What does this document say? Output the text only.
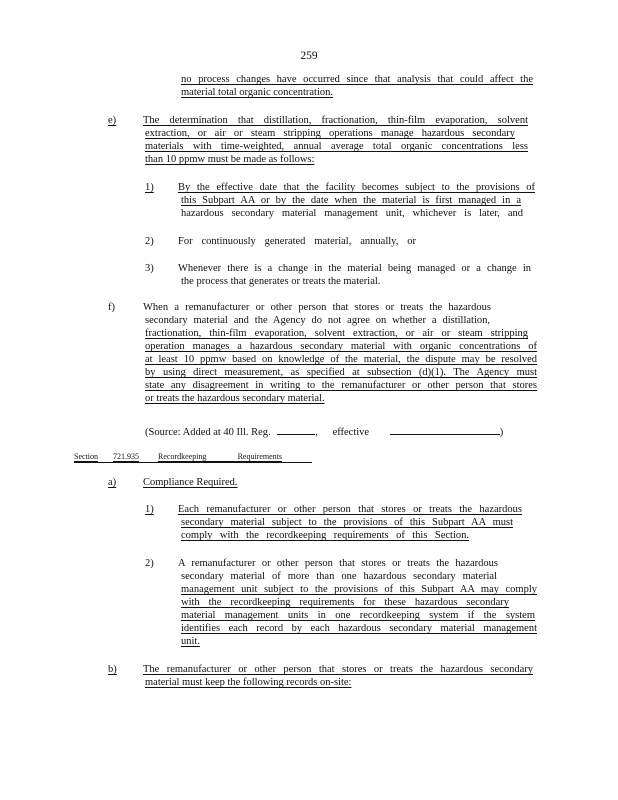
259
no process changes have occurred since that analysis that could affect the
material total organic concentration.
e)	The determination that distillation, fractionation, thin-film evaporation, solvent
extraction, or air or steam stripping operations manage hazardous secondary
materials with time-weighted, annual average total organic concentrations less
than 10 ppmw must be made as follows:
1) By the effective date that the facility becomes subject to the provisions of
this Subpart AA or by the date when the material is first managed in a
hazardous secondary material management unit, whichever is later, and
2) For continuously generated material, annually, or
3) Whenever there is a change in the material being managed or a change in
the process that generates or treats the material.
f)	When a remanufacturer or other person that stores or treats the hazardous
secondary material and the Agency do not agree on whether a distillation,
fractionation, thin-film evaporation, solvent extraction, or air or steam stripping
operation manages a hazardous secondary material with organic concentrations of
at least 10 ppmw based on knowledge of the material, the dispute may be resolved
by using direct measurement, as specified at subsection (d)(1). The Agency must
state any disagreement in writing to the remanufacturer or other person that stores
or treats the hazardous secondary material.
(Source: Added at 40 Ill. Reg.	, effective	)
Section 721.935 Recordkeeping Requirements
a)	Compliance Required.
1) Each remanufacturer or other person that stores or treats the hazardous
secondary material subject to the provisions of this Subpart AA must
comply with the recordkeeping requirements of this Section.
2) A remanufacturer or other person that stores or treats the hazardous
secondary material of more than one hazardous secondary material
management unit subject to the provisions of this Subpart AA may comply
with the recordkeeping requirements for these hazardous secondary
material management units in one recordkeeping system if the system
identifies each record by each hazardous secondary material management
unit.
b)	The remanufacturer or other person that stores or treats the hazardous secondary
material must keep the following records on-site:
